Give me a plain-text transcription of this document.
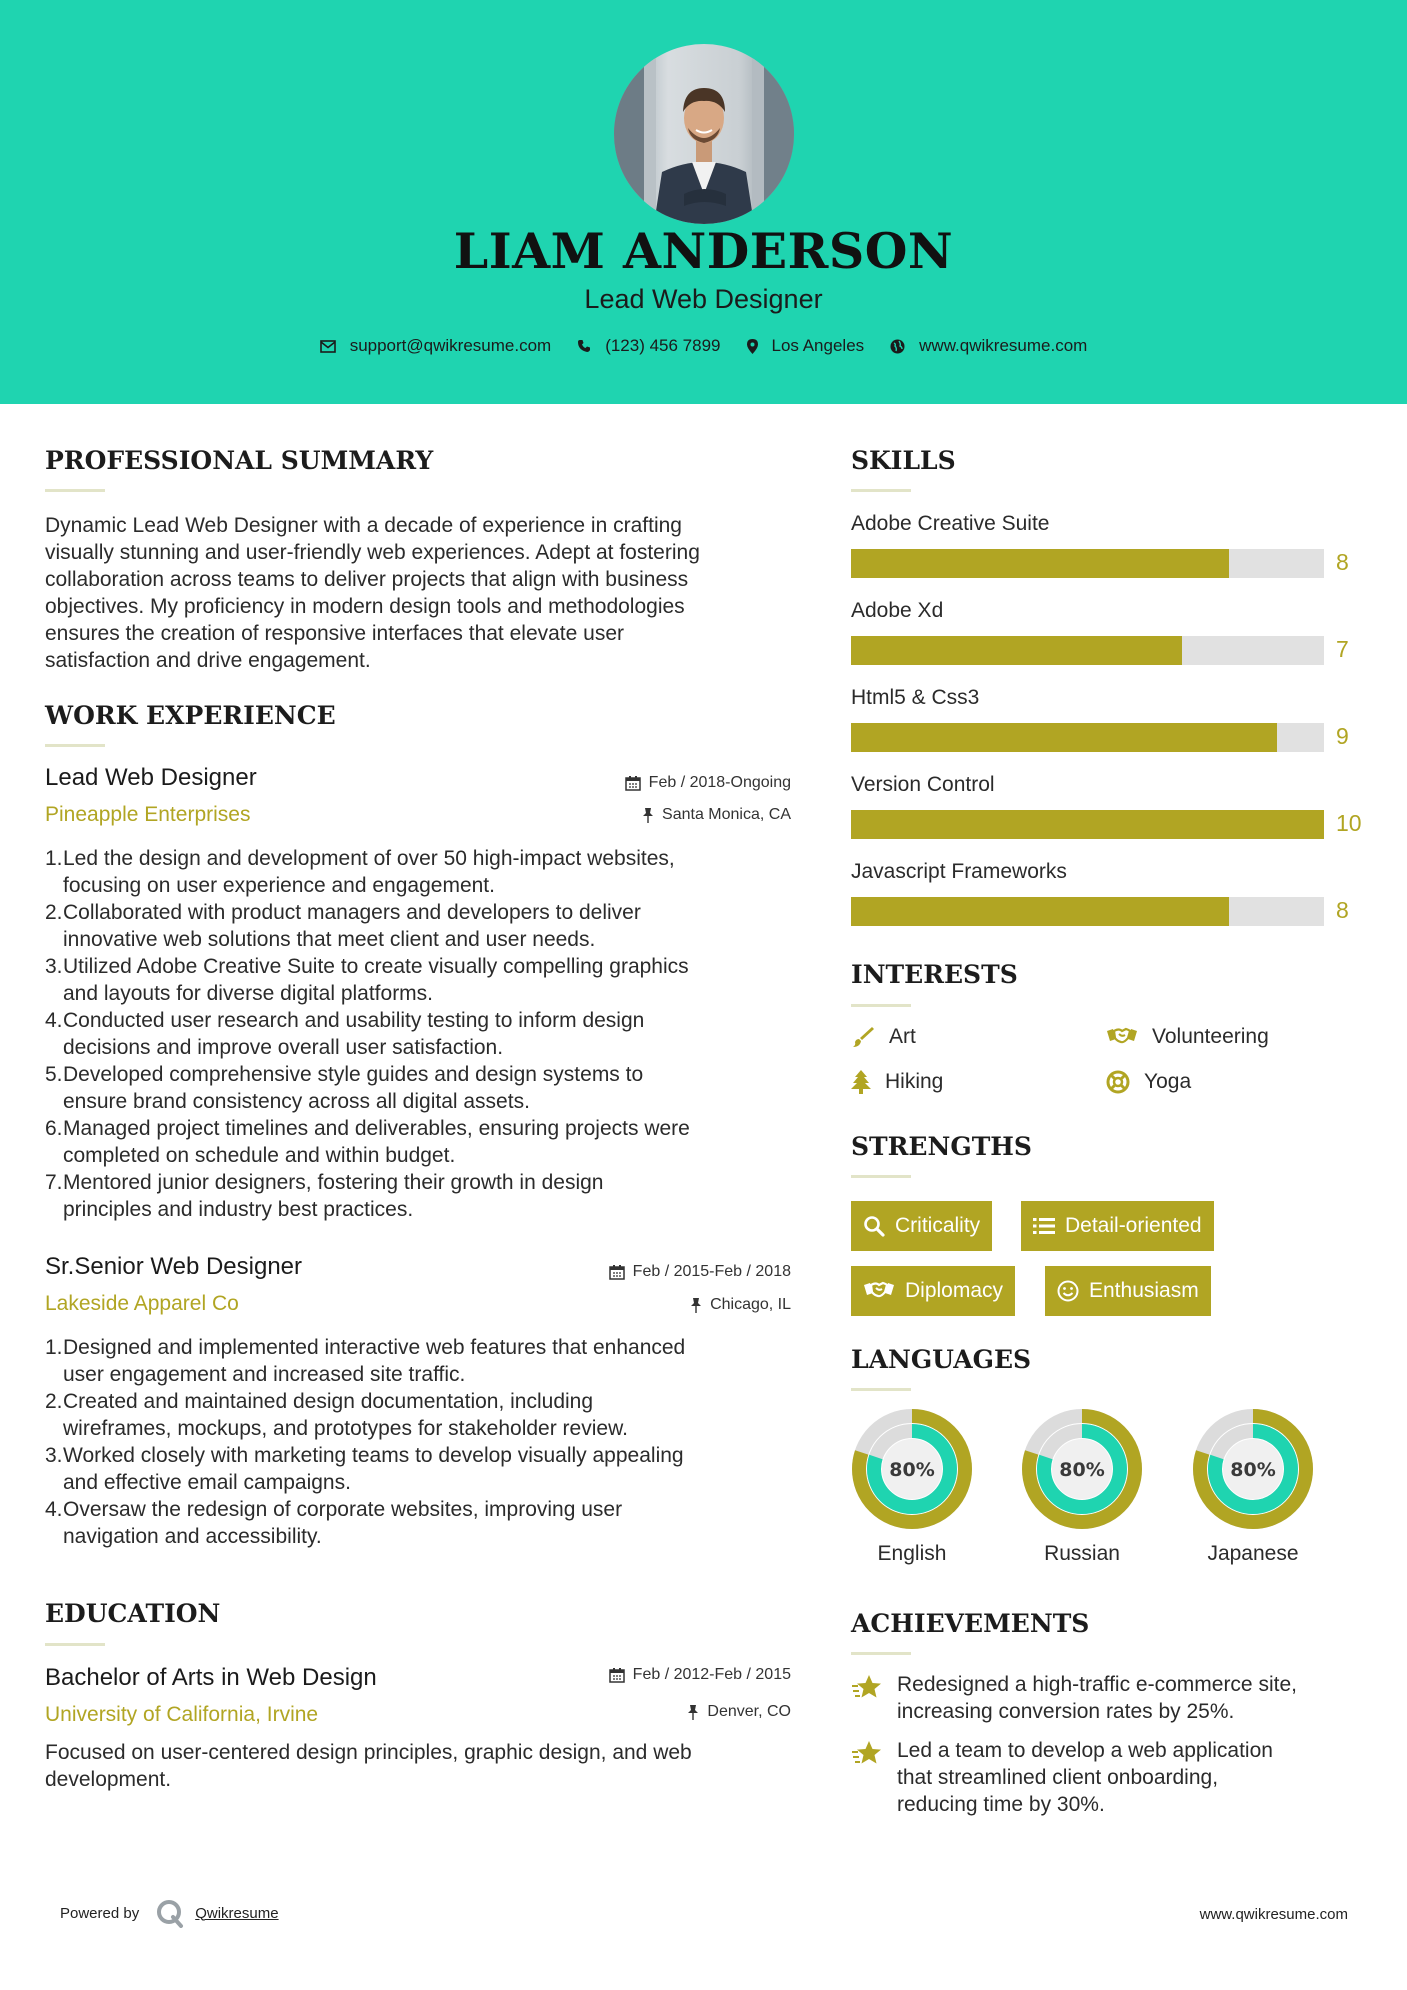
LIAM ANDERSON
Lead Web Designer
support@qwikresume.com	(123) 456 7899	Los Angeles	www.qwikresume.com
PROFESSIONAL SUMMARY
Dynamic Lead Web Designer with a decade of experience in crafting
visually stunning and user-friendly web experiences. Adept at fostering
collaboration across teams to deliver projects that align with business
objectives. My proficiency in modern design tools and methodologies
ensures the creation of responsive interfaces that elevate user
satisfaction and drive engagement.
WORK EXPERIENCE
Lead Web Designer
Pineapple Enterprises
Feb / 2018-Ongoing
Santa Monica, CA
1. Led the design and development of over 50 high-impact websites,
focusing on user experience and engagement.
2. Collaborated with product managers and developers to deliver
innovative web solutions that meet client and user needs.
3. Utilized Adobe Creative Suite to create visually compelling graphics
and layouts for diverse digital platforms.
4. Conducted user research and usability testing to inform design
decisions and improve overall user satisfaction.
5. Developed comprehensive style guides and design systems to
ensure brand consistency across all digital assets.
6. Managed project timelines and deliverables, ensuring projects were
completed on schedule and within budget.
7. Mentored junior designers, fostering their growth in design
principles and industry best practices.
Sr.Senior Web Designer
Lakeside Apparel Co
Feb / 2015-Feb / 2018
Chicago, IL
1. Designed and implemented interactive web features that enhanced
user engagement and increased site traffic.
2. Created and maintained design documentation, including
wireframes, mockups, and prototypes for stakeholder review.
3. Worked closely with marketing teams to develop visually appealing
and effective email campaigns.
4. Oversaw the redesign of corporate websites, improving user
navigation and accessibility.
EDUCATION
Bachelor of Arts in Web Design
University of California, Irvine
Feb / 2012-Feb / 2015
Denver, CO
Focused on user-centered design principles, graphic design, and web
development.
SKILLS
Adobe Creative Suite
8
Adobe Xd
7
Html5 & Css3
9
Version Control
10
Javascript Frameworks
8
INTERESTS
Art	Volunteering
Hiking	Yoga
STRENGTHS
Criticality	Detail-oriented
Diplomacy	Enthusiasm
LANGUAGES
80%
English
80%
Russian
80%
Japanese
ACHIEVEMENTS
Redesigned a high-traffic e-commerce site,
increasing conversion rates by 25%.
Led a team to develop a web application
that streamlined client onboarding,
reducing time by 30%.
Powered by	Qwikresume	www.qwikresume.com
